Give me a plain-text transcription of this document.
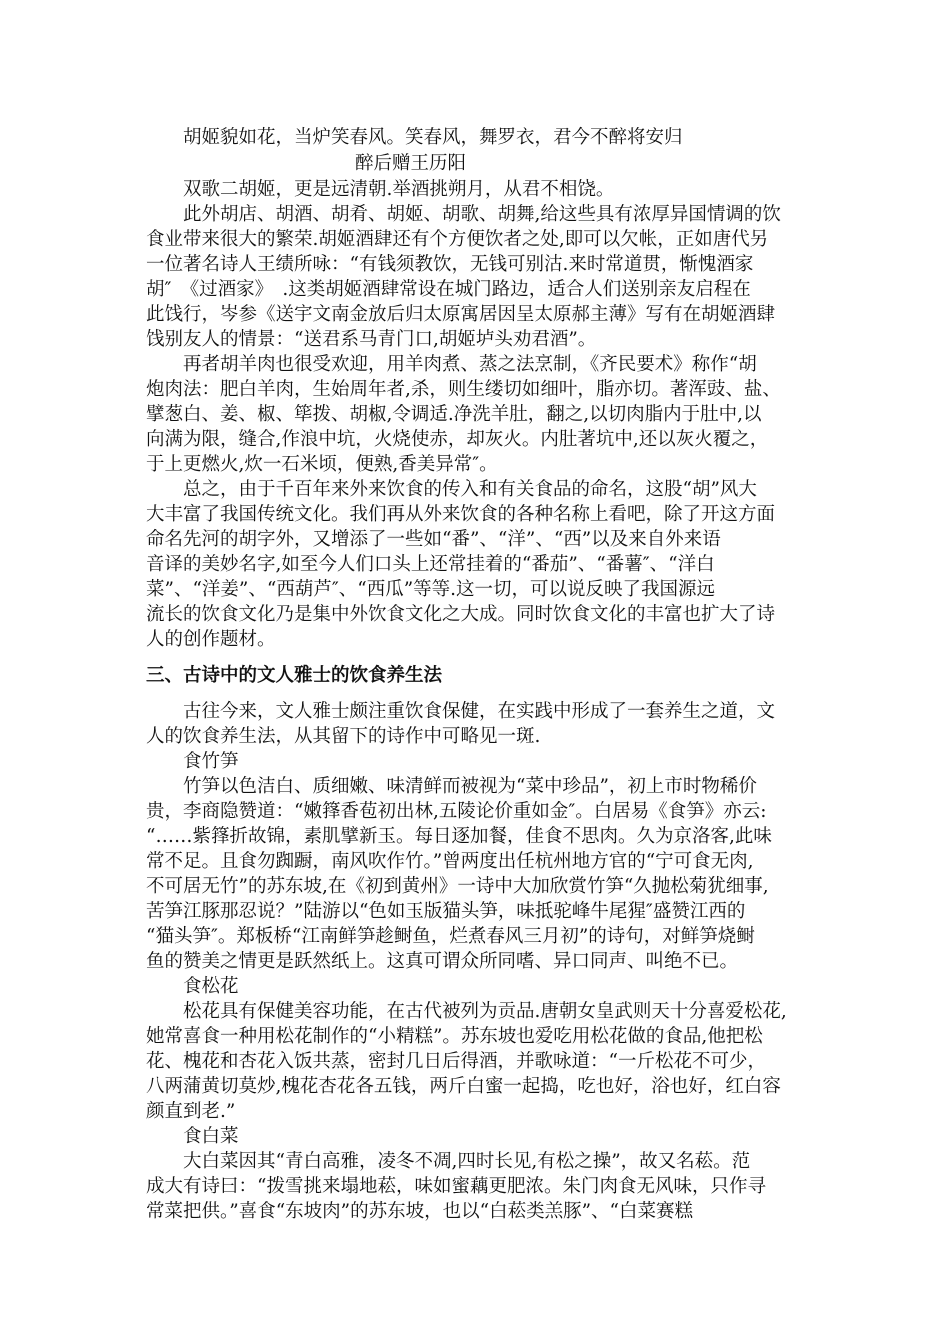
胡姬貌如花，当炉笑春风。笑春风，舞罗衣，君今不醉将安归
醉后赠王历阳
双歌二胡姬，更是远清朝.举酒挑朔月，从君不相饶。
此外胡店、胡酒、胡肴、胡姬、胡歌、胡舞,给这些具有浓厚异国情调的饮
食业带来很大的繁荣.胡姬酒肆还有个方便饮者之处,即可以欠帐，正如唐代另
一位著名诗人王绩所咏：“有钱须教饮，无钱可别沽.来时常道贯，惭愧酒家
胡″　《过酒家》　.这类胡姬酒肆常设在城门路边，适合人们送别亲友启程在
此饯行，岑参《送宇文南金放后归太原寓居因呈太原郝主薄》写有在胡姬酒肆
饯别友人的情景：“送君系马青门口,胡姬垆头劝君酒”。
再者胡羊肉也很受欢迎，用羊肉煮、蒸之法烹制，《齐民要术》称作“胡
炮肉法：肥白羊肉，生始周年者,杀，则生缕切如细叶，脂亦切。著浑豉、盐、
擘葱白、姜、椒、筚拨、胡椒,令调适.净洗羊肚，翻之,以切肉脂内于肚中,以
向满为限，缝合,作浪中坑，火烧使赤，却灰火。内肚著坑中,还以灰火覆之，
于上更燃火,炊一石米顷，便熟,香美异常″。
总之，由于千百年来外来饮食的传入和有关食品的命名，这股“胡”风大
大丰富了我国传统文化。我们再从外来饮食的各种名称上看吧，除了开这方面
命名先河的胡字外，又增添了一些如“番”、“洋”、“西”以及来自外来语
音译的美妙名字,如至今人们口头上还常挂着的“番茄”、“番薯″、“洋白
菜”、“洋姜”、“西葫芦″、“西瓜”等等.这一切，可以说反映了我国源远
流长的饮食文化乃是集中外饮食文化之大成。同时饮食文化的丰富也扩大了诗
人的创作题材。
三、古诗中的文人雅士的饮食养生法
古往今来，文人雅士颇注重饮食保健，在实践中形成了一套养生之道，文
人的饮食养生法，从其留下的诗作中可略见一斑.
食竹笋
竹笋以色洁白、质细嫩、味清鲜而被视为“菜中珍品”，初上市时物稀价
贵，李商隐赞道：“嫩箨香苞初出林,五陵论价重如金″。白居易《食笋》亦云:
“……紫箨折故锦，素肌擘新玉。每日逐加餐，佳食不思肉。久为京洛客,此味
常不足。且食勿踟蹰，南风吹作竹。”曾两度出任杭州地方官的“宁可食无肉,
不可居无竹”的苏东坡,在《初到黄州》一诗中大加欣赏竹笋“久抛松菊犹细事,
苦笋江豚那忍说？”陆游以“色如玉版猫头笋，味抵驼峰牛尾猩″盛赞江西的
“猫头笋″。郑板桥“江南鲜笋趁鲥鱼，烂煮春风三月初”的诗句，对鲜笋烧鲥
鱼的赞美之情更是跃然纸上。这真可谓众所同嗜、异口同声、叫绝不已。
食松花
松花具有保健美容功能，在古代被列为贡品.唐朝女皇武则天十分喜爱松花,
她常喜食一种用松花制作的“小精糕”。苏东坡也爱吃用松花做的食品,他把松
花、槐花和杏花入饭共蒸，密封几日后得酒，并歌咏道：“一斤松花不可少，
八两蒲黄切莫炒,槐花杏花各五钱，两斤白蜜一起捣，吃也好，浴也好，红白容
颜直到老.”
食白菜
大白菜因其“青白高雅，凌冬不凋,四时长见,有松之操”，故又名菘。范
成大有诗曰：“拨雪挑来塌地菘，味如蜜藕更肥浓。朱门肉食无风味，只作寻
常菜把供。”喜食“东坡肉”的苏东坡，也以“白菘类羔豚”、“白菜赛糕
